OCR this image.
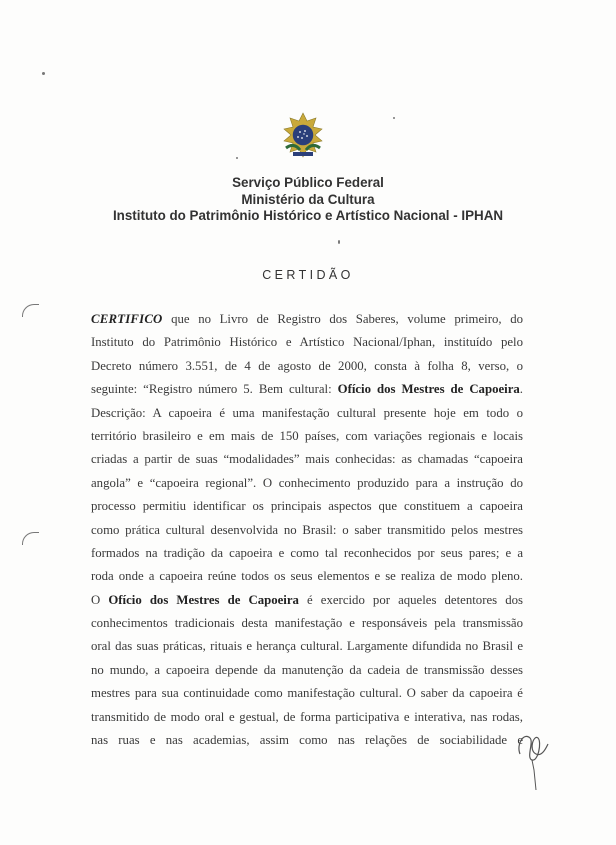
Serviço Público Federal
Ministério da Cultura
Instituto do Patrimônio Histórico e Artístico Nacional - IPHAN
CERTIDÃO
CERTIFICO que no Livro de Registro dos Saberes, volume primeiro, do
Instituto do Patrimônio Histórico e Artístico Nacional/Iphan, instituído pelo
Decreto número 3.551, de 4 de agosto de 2000, consta à folha 8, verso, o
seguinte: “Registro número 5. Bem cultural: Ofício dos Mestres de Capoeira.
Descrição: A capoeira é uma manifestação cultural presente hoje em todo o
território brasileiro e em mais de 150 países, com variações regionais e locais
criadas a partir de suas “modalidades” mais conhecidas: as chamadas “capoeira
angola” e “capoeira regional”. O conhecimento produzido para a instrução do
processo permitiu identificar os principais aspectos que constituem a capoeira
como prática cultural desenvolvida no Brasil: o saber transmitido pelos mestres
formados na tradição da capoeira e como tal reconhecidos por seus pares; e a
roda onde a capoeira reúne todos os seus elementos e se realiza de modo pleno.
O Ofício dos Mestres de Capoeira é exercido por aqueles detentores dos
conhecimentos tradicionais desta manifestação e responsáveis pela transmissão
oral das suas práticas, rituais e herança cultural. Largamente difundida no Brasil e
no mundo, a capoeira depende da manutenção da cadeia de transmissão desses
mestres para sua continuidade como manifestação cultural. O saber da capoeira é
transmitido de modo oral e gestual, de forma participativa e interativa, nas rodas,
nas ruas e nas academias, assim como nas relações de sociabilidade e
